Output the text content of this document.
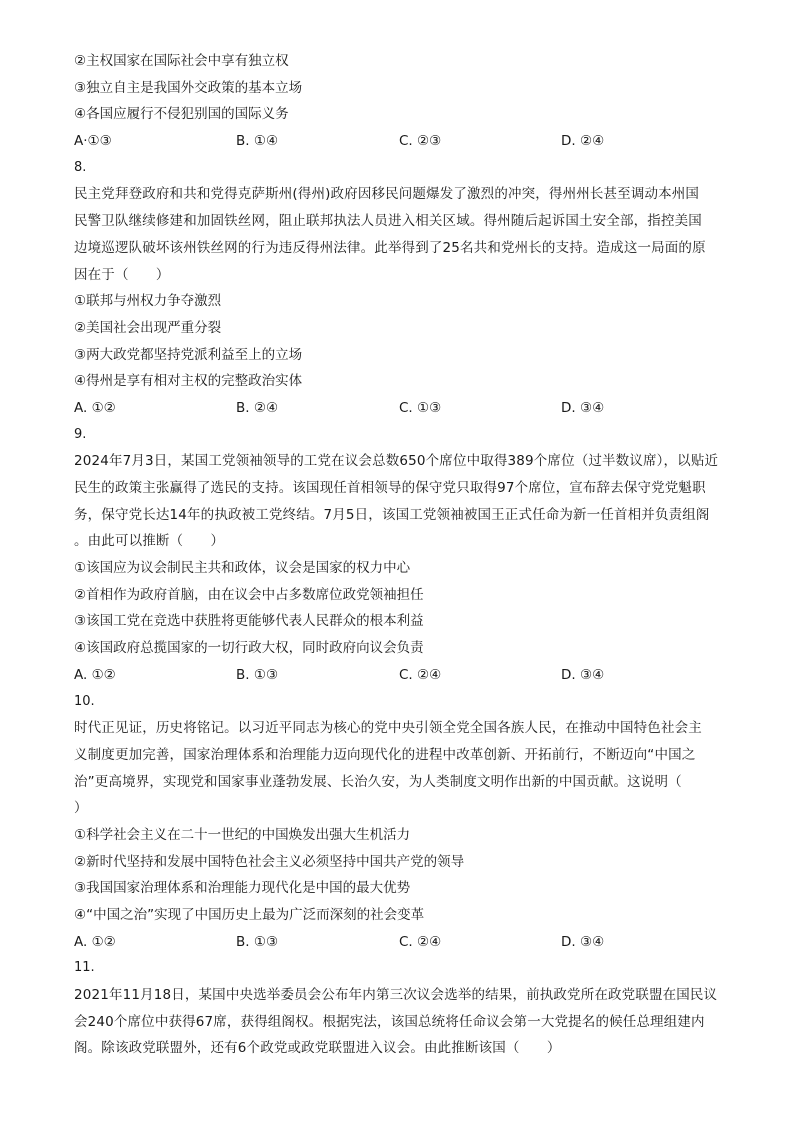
②主权国家在国际社会中享有独立权
③独立自主是我国外交政策的基本立场
④各国应履行不侵犯别国的国际义务
A·①③	B. ①④	C. ②③	D. ②④
8.
民主党拜登政府和共和党得克萨斯州(得州)政府因移民问题爆发了激烈的冲突，得州州长甚至调动本州国
民警卫队继续修建和加固铁丝网，阻止联邦执法人员进入相关区域。得州随后起诉国土安全部，指控美国
边境巡逻队破坏该州铁丝网的行为违反得州法律。此举得到了25名共和党州长的支持。造成这一局面的原
因在于（　　）
①联邦与州权力争夺激烈
②美国社会出现严重分裂
③两大政党都坚持党派利益至上的立场
④得州是享有相对主权的完整政治实体
A. ①②	B. ②④	C. ①③	D. ③④
9.
2024年7月3日，某国工党领袖领导的工党在议会总数650个席位中取得389个席位（过半数议席），以贴近
民生的政策主张赢得了选民的支持。该国现任首相领导的保守党只取得97个席位，宣布辞去保守党党魁职
务，保守党长达14年的执政被工党终结。7月5日，该国工党领袖被国王正式任命为新一任首相并负责组阁
。由此可以推断（　　）
①该国应为议会制民主共和政体，议会是国家的权力中心
②首相作为政府首脑，由在议会中占多数席位政党领袖担任
③该国工党在竞选中获胜将更能够代表人民群众的根本利益
④该国政府总揽国家的一切行政大权，同时政府向议会负责
A. ①②	B. ①③	C. ②④	D. ③④
10.
时代正见证，历史将铭记。以习近平同志为核心的党中央引领全党全国各族人民，在推动中国特色社会主
义制度更加完善，国家治理体系和治理能力迈向现代化的进程中改革创新、开拓前行，不断迈向“中国之
治”更高境界，实现党和国家事业蓬勃发展、长治久安，为人类制度文明作出新的中国贡献。这说明（
）
①科学社会主义在二十一世纪的中国焕发出强大生机活力
②新时代坚持和发展中国特色社会主义必须坚持中国共产党的领导
③我国国家治理体系和治理能力现代化是中国的最大优势
④“中国之治”实现了中国历史上最为广泛而深刻的社会变革
A. ①②	B. ①③	C. ②④	D. ③④
11.
2021年11月18日，某国中央选举委员会公布年内第三次议会选举的结果，前执政党所在政党联盟在国民议
会240个席位中获得67席，获得组阁权。根据宪法，该国总统将任命议会第一大党提名的候任总理组建内
阁。除该政党联盟外，还有6个政党或政党联盟进入议会。由此推断该国（　　）
